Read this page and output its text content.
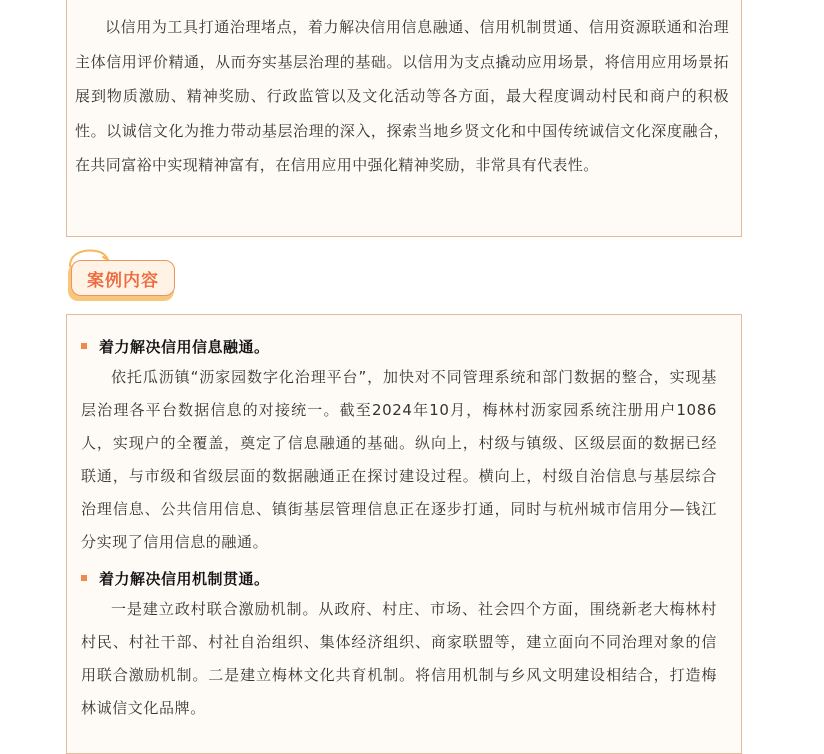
以信用为工具打通治理堵点，着力解决信用信息融通、信用机制贯通、信用资源联通和治理主体信用评价精通，从而夯实基层治理的基础。以信用为支点撬动应用场景，将信用应用场景拓展到物质激励、精神奖励、行政监管以及文化活动等各方面，最大程度调动村民和商户的积极性。以诚信文化为推力带动基层治理的深入，探索当地乡贤文化和中国传统诚信文化深度融合，在共同富裕中实现精神富有，在信用应用中强化精神奖励，非常具有代表性。

案例内容
着力解决信用信息融通。

依托瓜沥镇“沥家园数字化治理平台”，加快对不同管理系统和部门数据的整合，实现基层治理各平台数据信息的对接统一。截至2024年10月，梅林村沥家园系统注册用户1086人，实现户的全覆盖，奠定了信息融通的基础。纵向上，村级与镇级、区级层面的数据已经联通，与市级和省级层面的数据融通正在探讨建设过程。横向上，村级自治信息与基层综合治理信息、公共信用信息、镇街基层管理信息正在逐步打通，同时与杭州城市信用分—钱江分实现了信用信息的融通。

着力解决信用机制贯通。

一是建立政村联合激励机制。从政府、村庄、市场、社会四个方面，围绕新老大梅林村村民、村社干部、村社自治组织、集体经济组织、商家联盟等，建立面向不同治理对象的信用联合激励机制。二是建立梅林文化共育机制。将信用机制与乡风文明建设相结合，打造梅林诚信文化品牌。
